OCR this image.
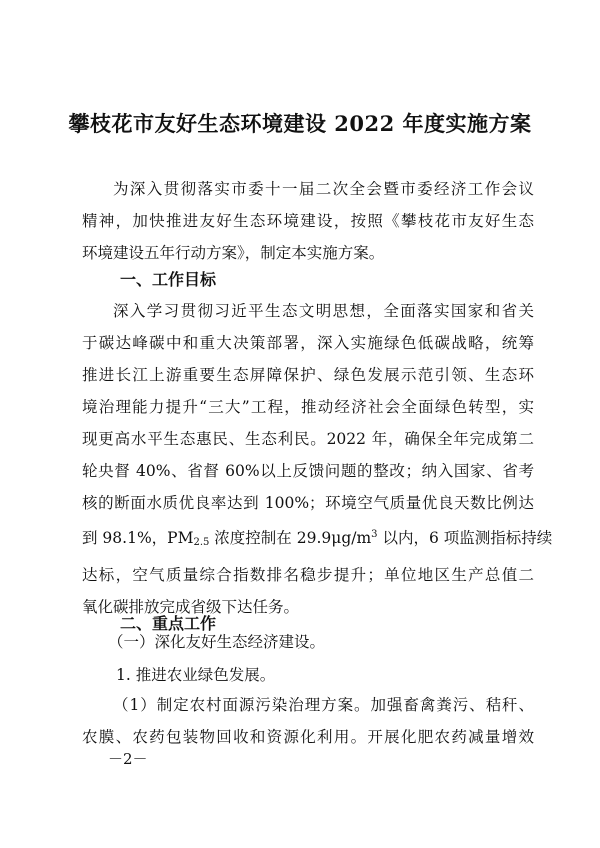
攀枝花市友好生态环境建设 2022 年度实施方案
为深入贯彻落实市委十一届二次全会暨市委经济工作会议
精神，加快推进友好生态环境建设，按照《攀枝花市友好生态
环境建设五年行动方案》，制定本实施方案。
一、工作目标
深入学习贯彻习近平生态文明思想，全面落实国家和省关
于碳达峰碳中和重大决策部署，深入实施绿色低碳战略，统筹
推进长江上游重要生态屏障保护、绿色发展示范引领、生态环
境治理能力提升“三大”工程，推动经济社会全面绿色转型，实
现更高水平生态惠民、生态利民。2022 年，确保全年完成第二
轮央督 40%、省督 60%以上反馈问题的整改；纳入国家、省考
核的断面水质优良率达到 100%；环境空气质量优良天数比例达
到 98.1%，$PM_{2.5}$ 浓度控制在 $29.9\mu g/m^3$ 以内，6 项监测指标持续
达标，空气质量综合指数排名稳步提升；单位地区生产总值二
氧化碳排放完成省级下达任务。
二、重点工作
（一）深化友好生态经济建设。
1. 推进农业绿色发展。
（1）制定农村面源污染治理方案。加强畜禽粪污、秸秆、
农膜、农药包装物回收和资源化利用。开展化肥农药减量增效
－2－
